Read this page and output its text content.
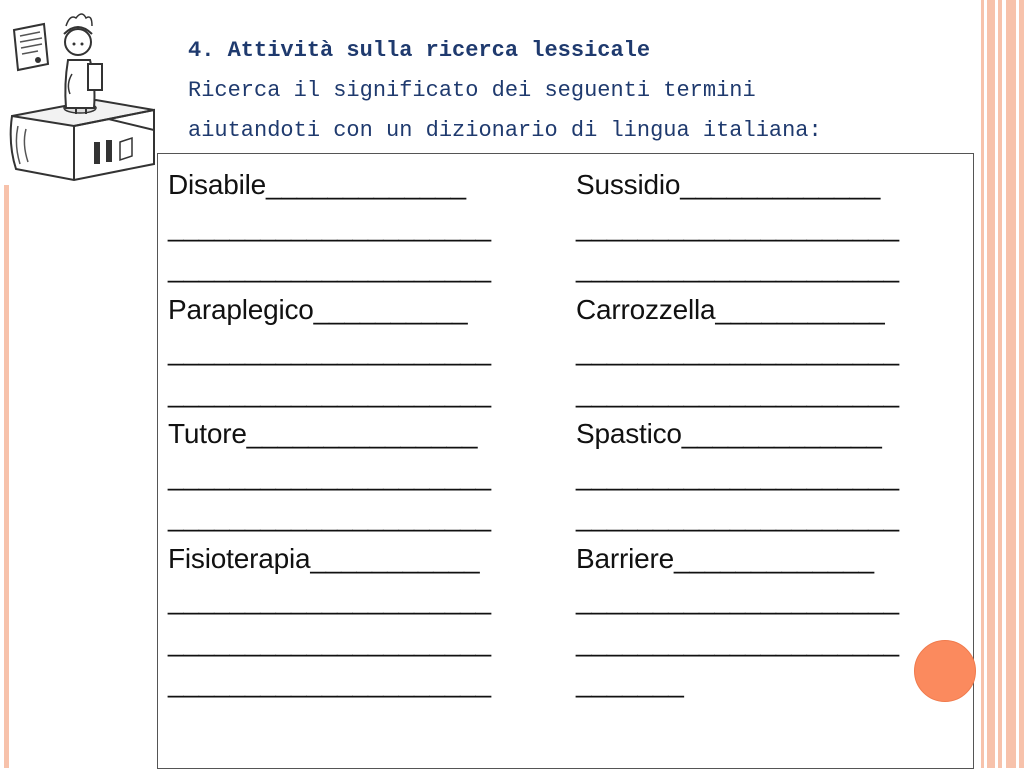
4. Attività sulla ricerca lessicale
Ricerca il significato dei seguenti termini
aiutandoti con un dizionario di lingua italiana:
Disabile_____________
_____________________
_____________________
Paraplegico__________
_____________________
_____________________
Tutore_______________
_____________________
_____________________
Fisioterapia___________
_____________________
_____________________
_____________________
Sussidio_____________
_____________________
_____________________
Carrozzella___________
_____________________
_____________________
Spastico_____________
_____________________
_____________________
Barriere_____________
_____________________
_____________________
_______
